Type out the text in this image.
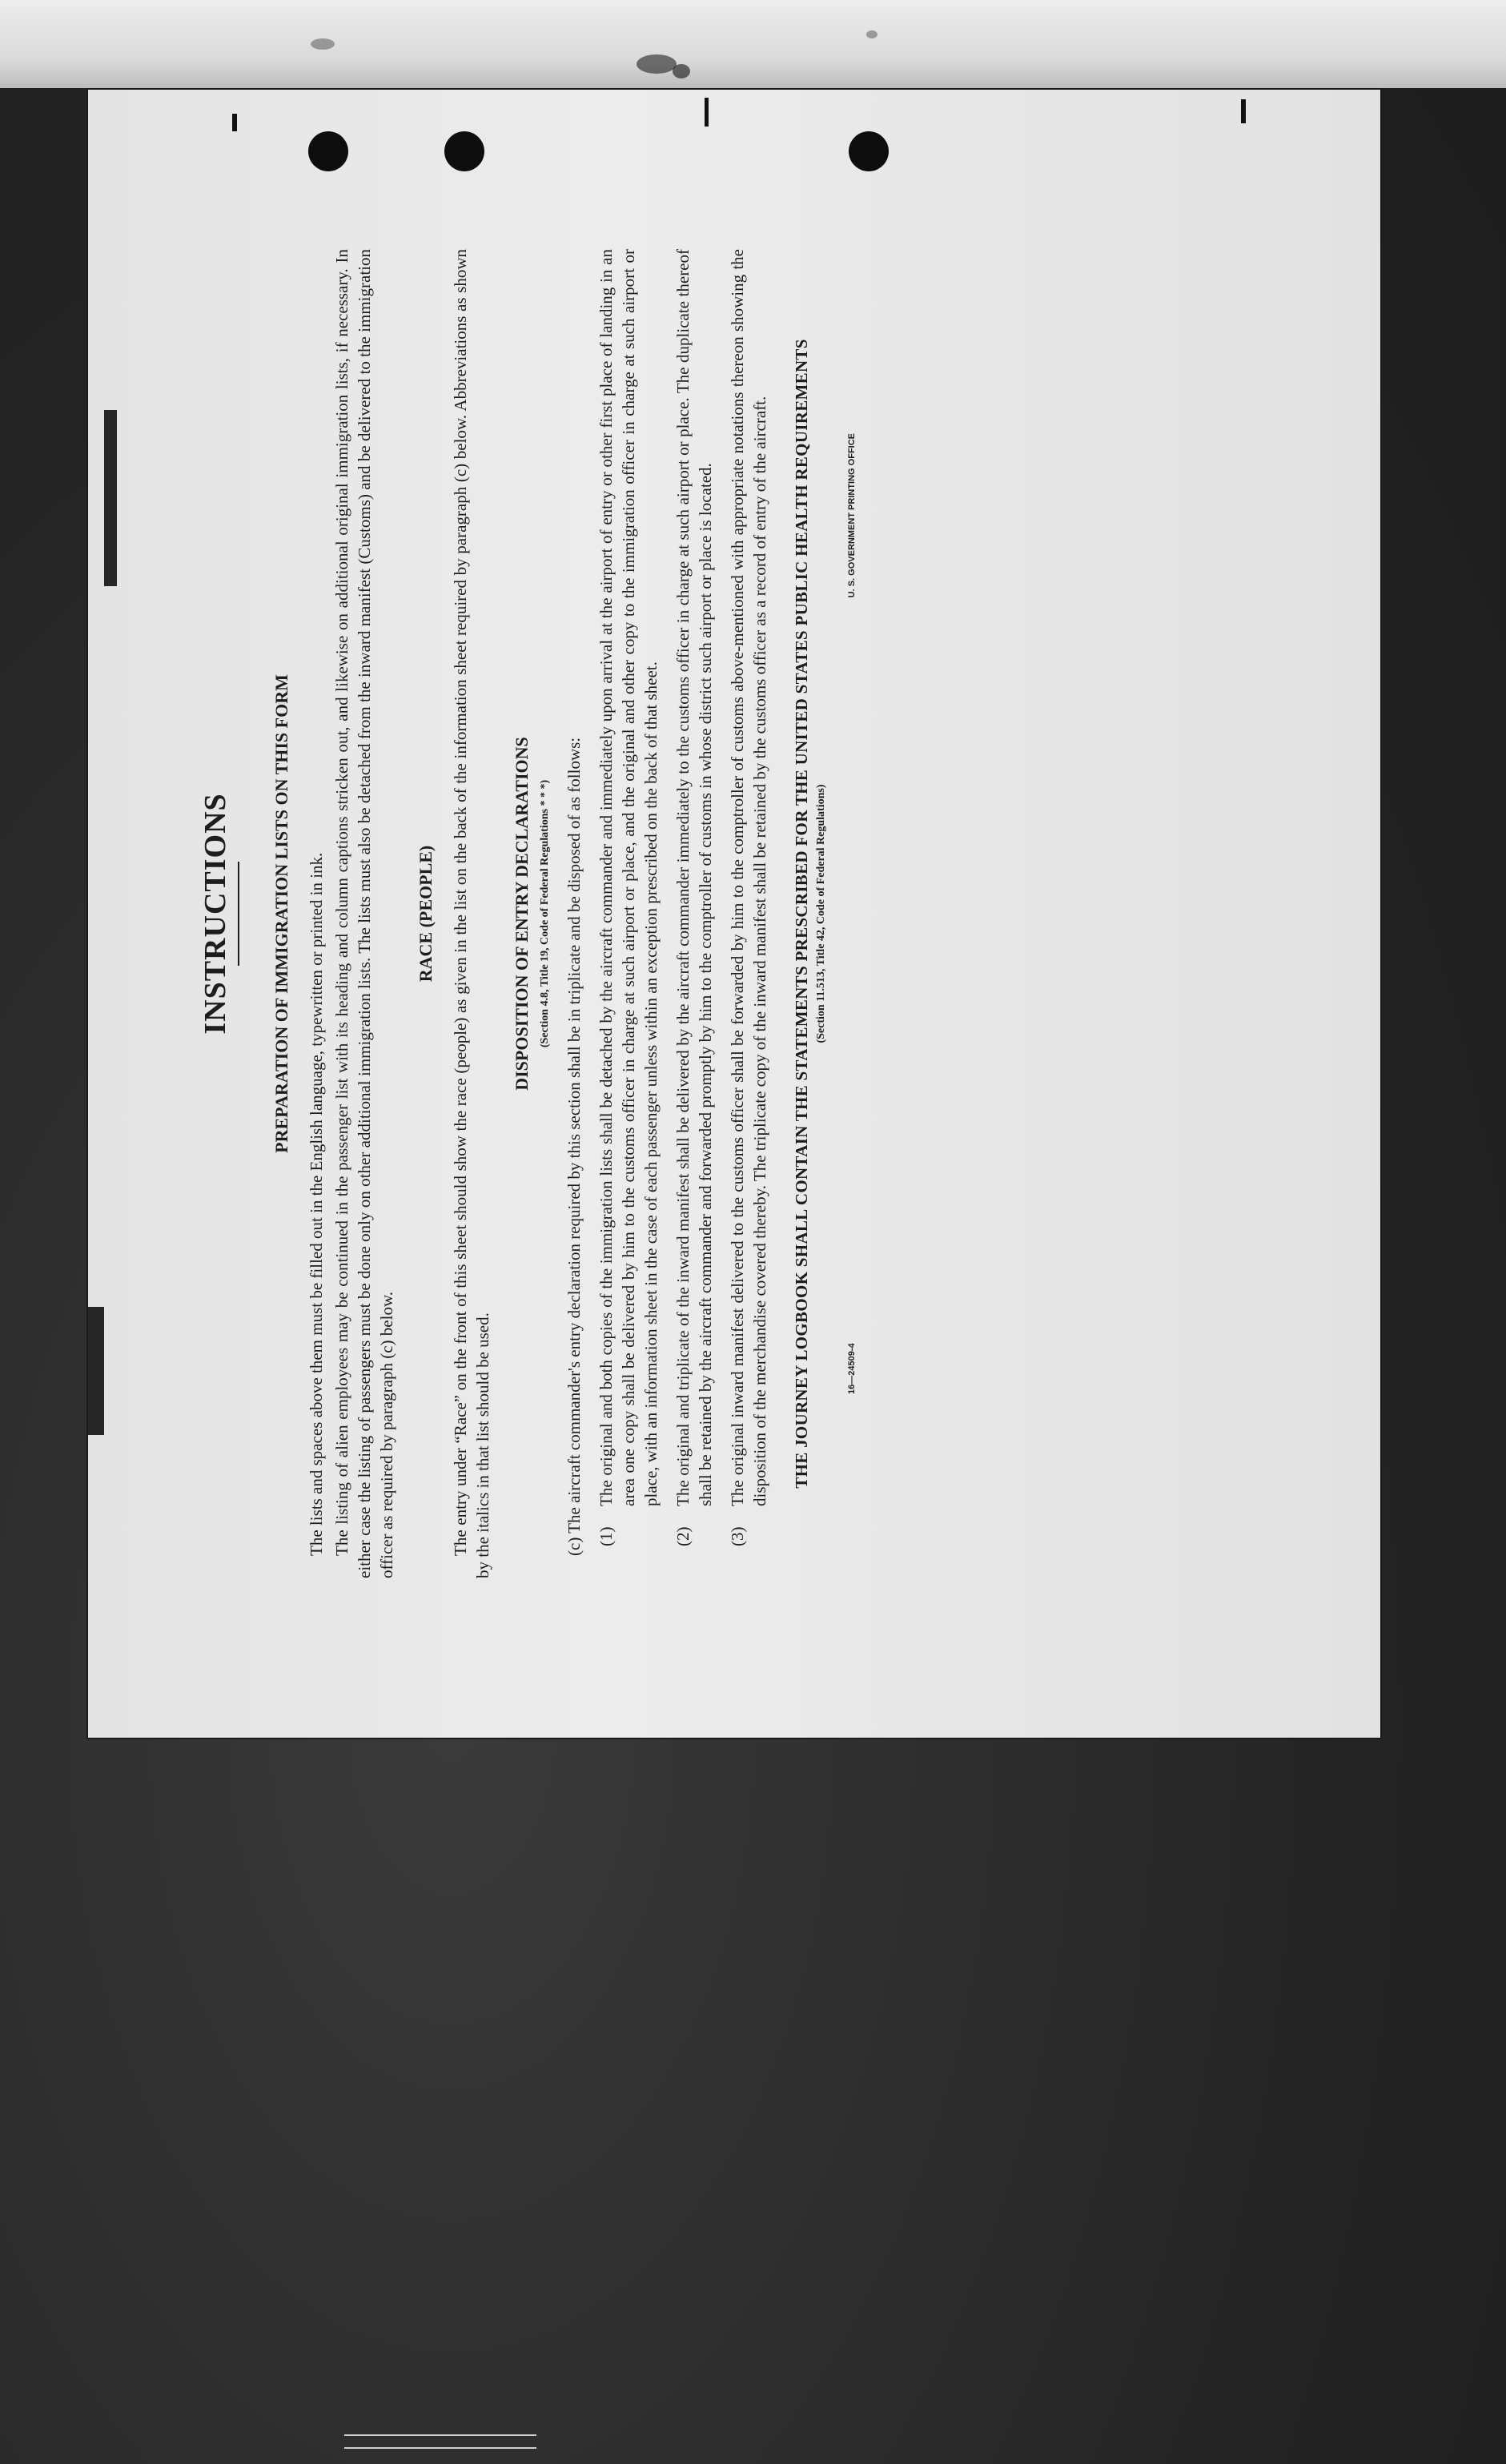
INSTRUCTIONS PREPARATION OF IMMIGRATION LISTS ON THIS FORM The lists and spaces above them must be filled out in the English language, typewritten or printed in ink. The listing of alien employees may be continued in the passenger list with its heading and column captions stricken out, and likewise on additional original immigration lists, if necessary. In either case the listing of passengers must be done only on other additional immigration lists. The lists must also be detached from the inward manifest (Customs) and be delivered to the immigration officer as required by paragraph (c) below.

RACE (PEOPLE) The entry under “Race” on the front of this sheet should show the race (people) as given in the list on the back of the information sheet required by paragraph (c) below. Abbreviations as shown by the italics in that list should be used.

DISPOSITION OF ENTRY DECLARATIONS (Section 4.8, Title 19, Code of Federal Regulations * * *) (c) The aircraft commander's entry declaration required by this section shall be in triplicate and be disposed of as follows: (1)
The original and both copies of the immigration lists shall be detached by the aircraft commander and immediately upon arrival at the airport of entry or other first place of landing in an area one copy shall be delivered by him to the customs officer in charge at such airport or place, and the original and other copy to the immigration officer in charge at such airport or place, with an information sheet in the case of each passenger unless within an exception prescribed on the back of that sheet.
(2)
The original and triplicate of the inward manifest shall be delivered by the aircraft commander immediately to the customs officer in charge at such airport or place. The duplicate thereof shall be retained by the aircraft commander and forwarded promptly by him to the comptroller of customs in whose district such airport or place is located.
(3)
The original inward manifest delivered to the customs officer shall be forwarded by him to the comptroller of customs above-mentioned with appropriate notations thereon showing the disposition of the merchandise covered thereby. The triplicate copy of the inward manifest shall be retained by the customs officer as a record of entry of the aircraft. THE JOURNEY LOGBOOK SHALL CONTAIN THE STATEMENTS PRESCRIBED FOR THE UNITED STATES PUBLIC HEALTH REQUIREMENTS (Section 11.513, Title 42, Code of Federal Regulations)
16—24509-4
U. S. GOVERNMENT PRINTING OFFICE
